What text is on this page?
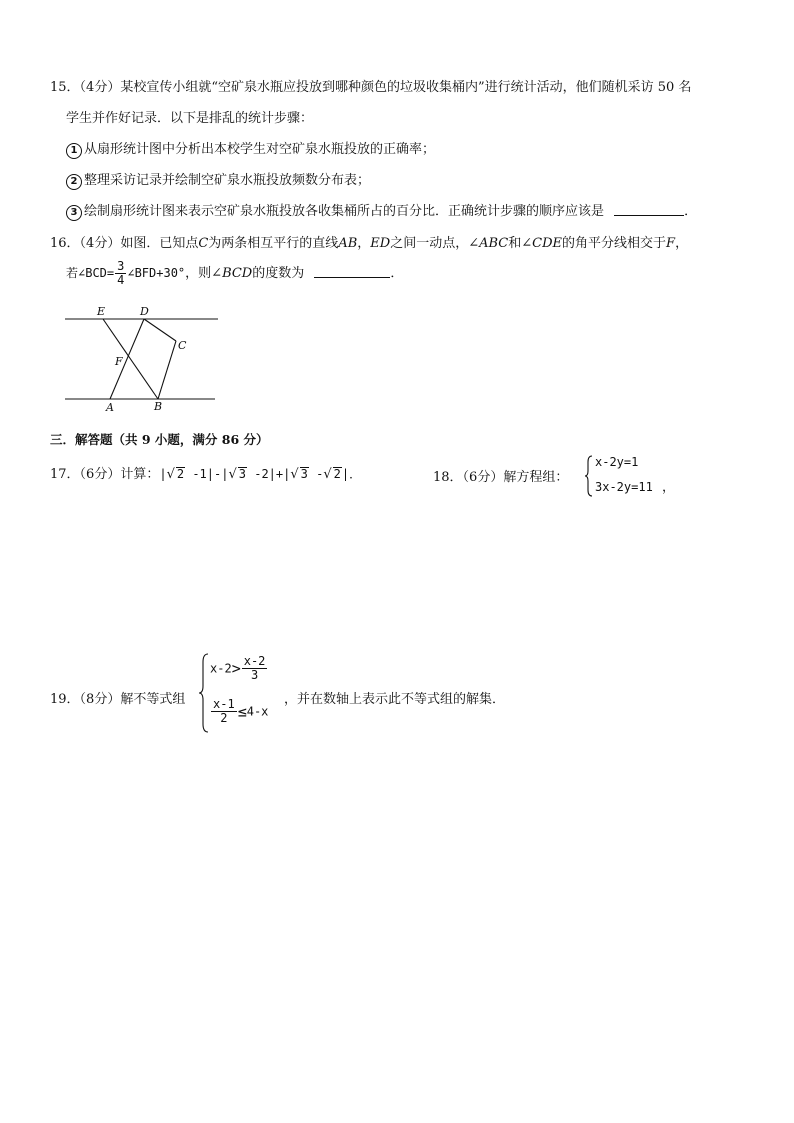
15．（4分）某校宣传小组就“空矿泉水瓶应投放到哪种颜色的垃圾收集桶内”进行统计活动，他们随机采访 50 名
学生并作好记录．以下是排乱的统计步骤：
1 从扇形统计图中分析出本校学生对空矿泉水瓶投放的正确率；
2 整理采访记录并绘制空矿泉水瓶投放频数分布表；
3 绘制扇形统计图来表示空矿泉水瓶投放各收集桶所占的百分比．正确统计步骤的顺序应该是	．
16．（4分）如图．已知点C为两条相互平行的直线AB，ED之间一动点，∠ABC和∠CDE的角平分线相交于F，
若∠BCD= $\frac{3}{4}$ ∠BFD+30°，则∠BCD的度数为	．
E	D
C
F
A	B
三．解答题（共 9 小题，满分 86 分）
17．（6分）计算：|√ 2 -1|-|√ 3 -2|+|√ 3 -√ 2|．	18．（6分）解方程组：
x-2y=1
3x-2y=11 ，
19．（8分）解不等式组
$x-2> \frac{x-2}{3}$
$\frac{x-1}{2} \le 4-x$
，并在数轴上表示此不等式组的解集．
